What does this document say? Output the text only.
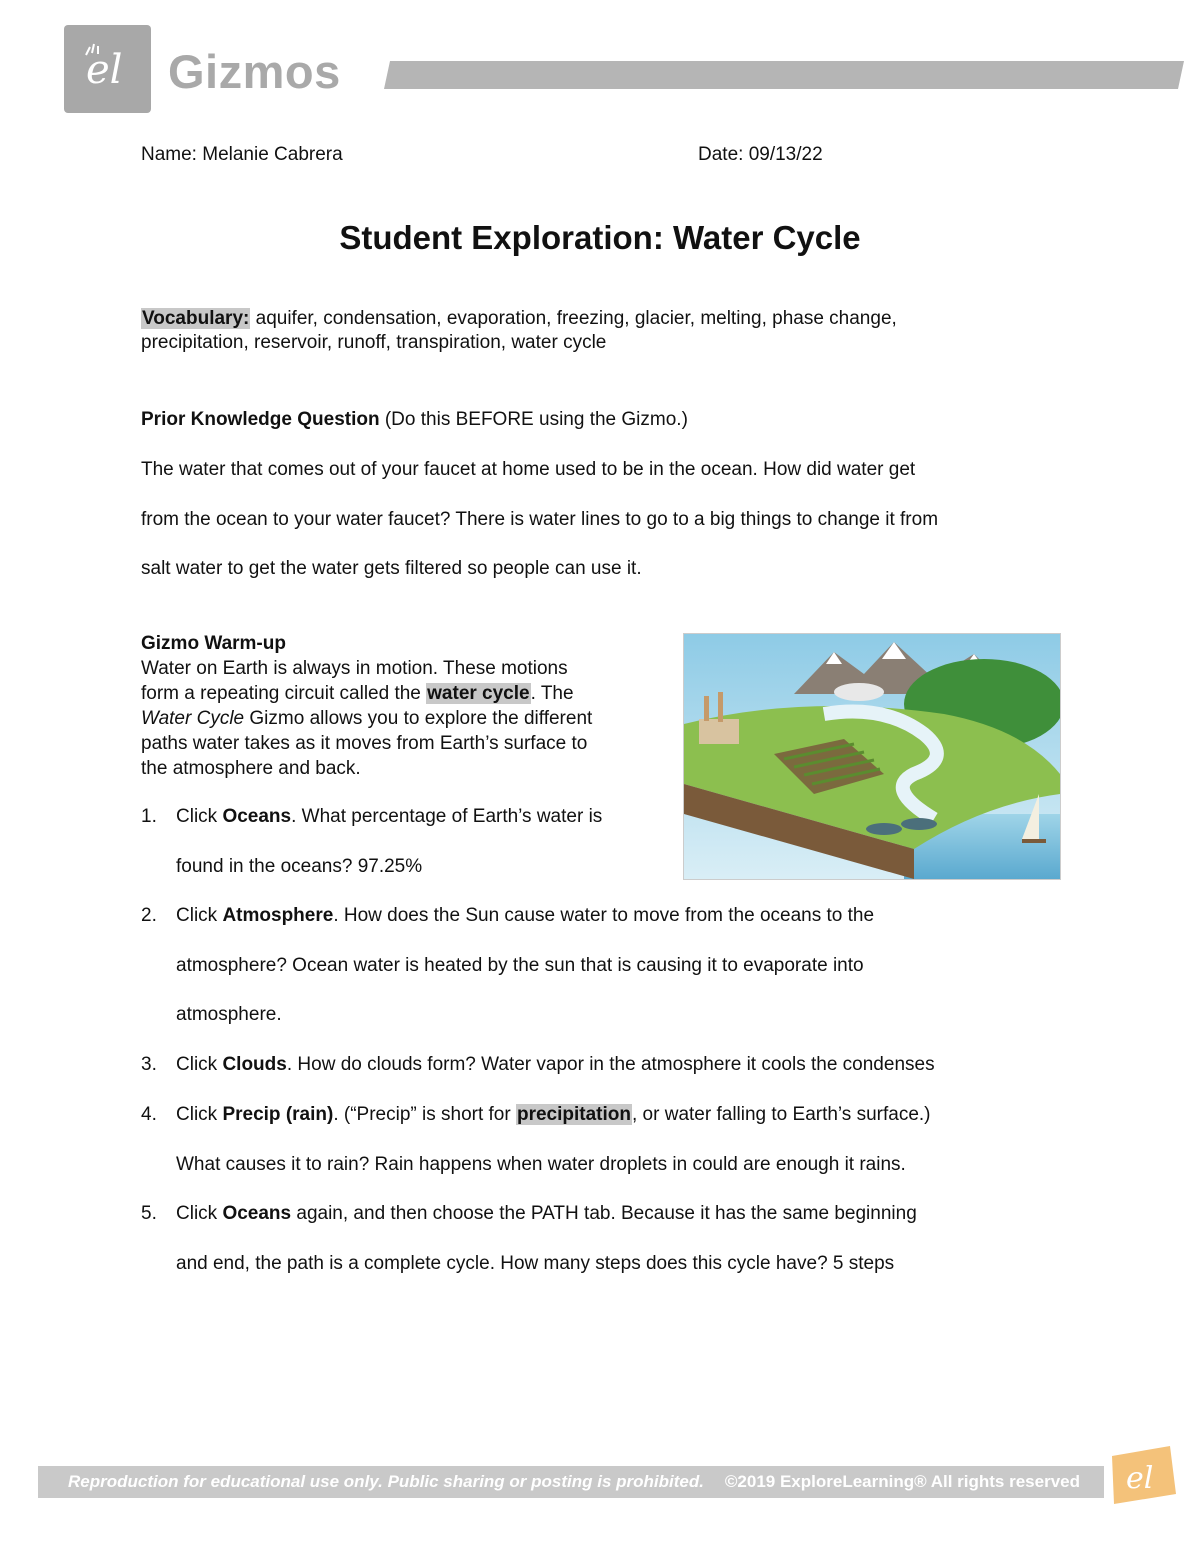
el Gizmos
Name: Melanie Cabrera	Date: 09/13/22
Student Exploration: Water Cycle
Vocabulary: aquifer, condensation, evaporation, freezing, glacier, melting, phase change,
precipitation, reservoir, runoff, transpiration, water cycle
Prior Knowledge Question (Do this BEFORE using the Gizmo.)
The water that comes out of your faucet at home used to be in the ocean. How did water get
from the ocean to your water faucet? There is water lines to go to a big things to change it from
salt water to get the water gets filtered so people can use it.
Gizmo Warm-up
Water on Earth is always in motion. These motions
form a repeating circuit called the water cycle. The
Water Cycle Gizmo allows you to explore the different
paths water takes as it moves from Earth’s surface to
the atmosphere and back.
1. Click Oceans. What percentage of Earth’s water is
found in the oceans? 97.25%
2. Click Atmosphere. How does the Sun cause water to move from the oceans to the
atmosphere? Ocean water is heated by the sun that is causing it to evaporate into
atmosphere.
3. Click Clouds. How do clouds form? Water vapor in the atmosphere it cools the condenses
4. Click Precip (rain). (“Precip” is short for precipitation, or water falling to Earth’s surface.)
What causes it to rain? Rain happens when water droplets in could are enough it rains.
5. Click Oceans again, and then choose the PATH tab. Because it has the same beginning
and end, the path is a complete cycle. How many steps does this cycle have? 5 steps
Reproduction for educational use only. Public sharing or posting is prohibited. ©2019 ExploreLearning® All rights reserved el
